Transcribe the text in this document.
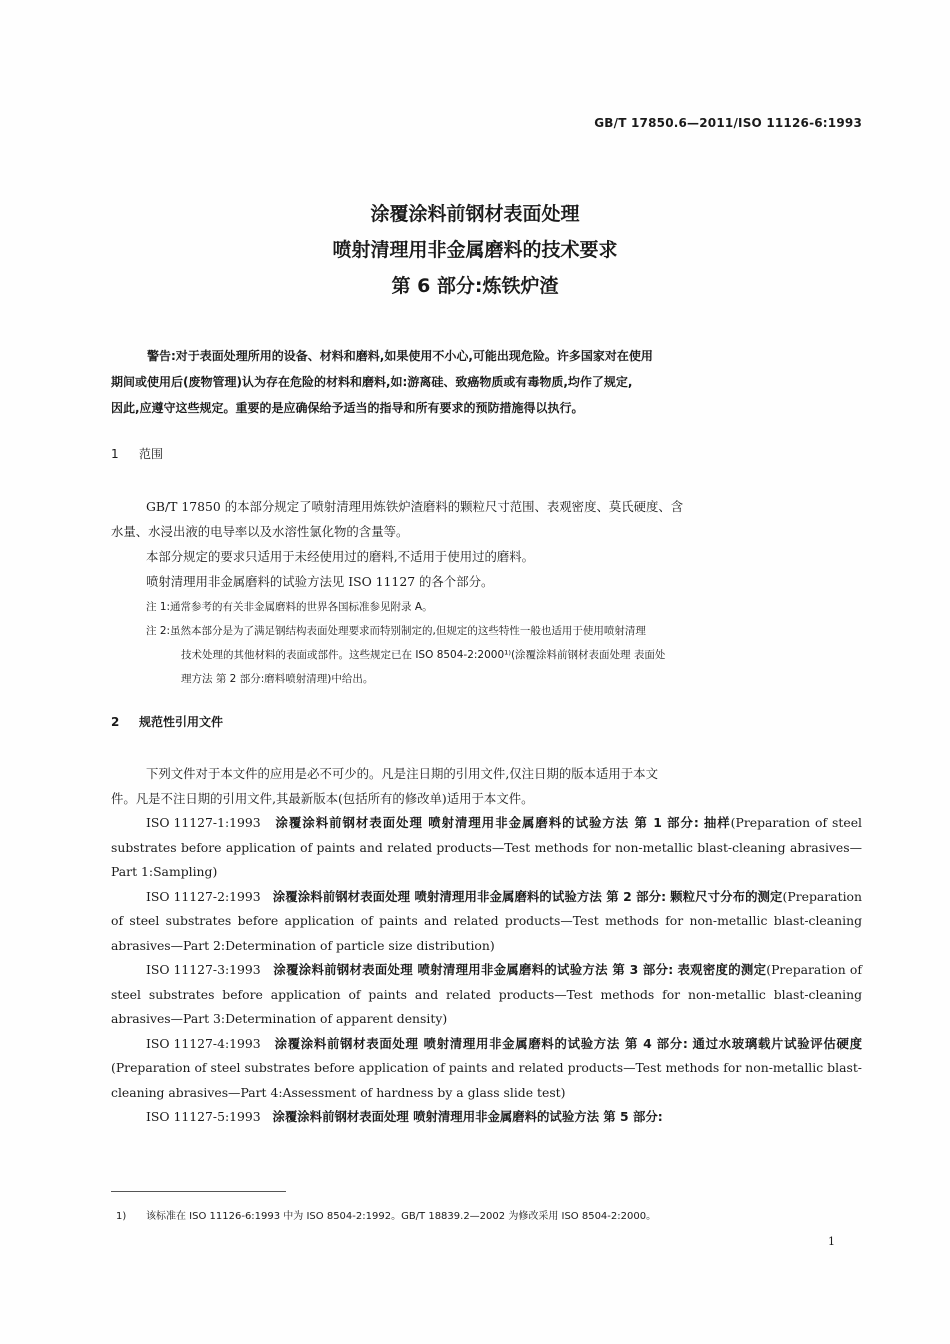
GB/T 17850.6—2011/ISO 11126-6:1993
涂覆涂料前钢材表面处理
喷射清理用非金属磨料的技术要求
第 6 部分:炼铁炉渣
警告:对于表面处理所用的设备、材料和磨料,如果使用不小心,可能出现危险。许多国家对在使用
期间或使用后(废物管理)认为存在危险的材料和磨料,如:游离硅、致癌物质或有毒物质,均作了规定,
因此,应遵守这些规定。重要的是应确保给予适当的指导和所有要求的预防措施得以执行。
1 范围
GB/T 17850 的本部分规定了喷射清理用炼铁炉渣磨料的颗粒尺寸范围、表观密度、莫氏硬度、含
水量、水浸出液的电导率以及水溶性氯化物的含量等。
本部分规定的要求只适用于未经使用过的磨料,不适用于使用过的磨料。
喷射清理用非金属磨料的试验方法见 ISO 11127 的各个部分。
注 1:通常参考的有关非金属磨料的世界各国标准参见附录 A。
注 2:虽然本部分是为了满足钢结构表面处理要求而特别制定的,但规定的这些特性一般也适用于使用喷射清理
技术处理的其他材料的表面或部件。这些规定已在 ISO 8504-2:2000¹⁾(涂覆涂料前钢材表面处理 表面处
理方法 第 2 部分:磨料喷射清理)中给出。
2 规范性引用文件

下列文件对于本文件的应用是必不可少的。凡是注日期的引用文件,仅注日期的版本适用于本文
件。凡是不注日期的引用文件,其最新版本(包括所有的修改单)适用于本文件。

ISO 11127-1:1993 涂覆涂料前钢材表面处理 喷射清理用非金属磨料的试验方法 第 1 部分: 抽样(Preparation of steel substrates before application of paints and related products—Test methods for non-metallic blast-cleaning abrasives—Part 1:Sampling)

ISO 11127-2:1993 涂覆涂料前钢材表面处理 喷射清理用非金属磨料的试验方法 第 2 部分: 颗粒尺寸分布的测定(Preparation of steel substrates before application of paints and related products—Test methods for non-metallic blast-cleaning abrasives—Part 2:Determination of particle size distribution)

ISO 11127-3:1993 涂覆涂料前钢材表面处理 喷射清理用非金属磨料的试验方法 第 3 部分: 表观密度的测定(Preparation of steel substrates before application of paints and related products—Test methods for non-metallic blast-cleaning abrasives—Part 3:Determination of apparent density)

ISO 11127-4:1993 涂覆涂料前钢材表面处理 喷射清理用非金属磨料的试验方法 第 4 部分: 通过水玻璃载片试验评估硬度(Preparation of steel substrates before application of paints and related products—Test methods for non-metallic blast-cleaning abrasives—Part 4:Assessment of hardness by a glass slide test)

ISO 11127-5:1993 涂覆涂料前钢材表面处理 喷射清理用非金属磨料的试验方法 第 5 部分:

1) 该标准在 ISO 11126-6:1993 中为 ISO 8504-2:1992。GB/T 18839.2—2002 为修改采用 ISO 8504-2:2000。
1
